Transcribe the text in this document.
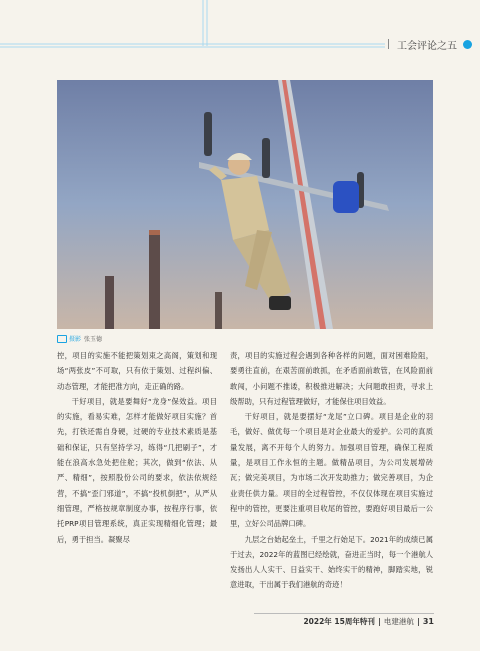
工会评论之五
摄影 张玉德

控，项目的实施不能把策划束之高阁，策划和现场“两张皮”不可取，只有依于策划、过程纠偏、动态管理，才能把准方向，走正确的路。

干好项目，就是要舞好“龙身”保效益。项目的实施，看易实难，怎样才能做好项目实施？首先，打铁还需自身硬，过硬的专业技术素质是基础和保证，只有坚持学习，练得“几把刷子”，才能在浪高水急处把住舵；其次，做到“依法、从严、精细”，按照股份公司的要求，依法依规经营，不搞“歪门邪道”，不搞“投机倒把”，从严从细管理，严格按规章制度办事，按程序行事，依托PRP项目管理系统，真正实现精细化管理；最后，勇于担当。凝聚尽

责，项目的实施过程会遇到各种各样的问题，面对困难险阻，要勇往直前，在艰苦面前敢抓，在矛盾面前敢管，在风险面前敢闯，小问题不推诿，积极推进解决；大问题敢担责，寻求上级帮助，只有过程管理做好，才能保住项目效益。

干好项目，就是要摆好“龙尾”立口碑。项目是企业的羽毛，做好、做优每一个项目是对企业最大的爱护。公司的真质量发展，离不开每个人的努力。加强项目管理，确保工程质量，是项目工作永恒的主题。做精品项目，为公司发展增砖瓦；做完美项目，为市场二次开发助推力；做完善项目，为企业责任供力量。项目的全过程管控，不仅仅体现在项目实施过程中的管控，更要注重项目收尾的管控，要跑好项目最后一公里，立好公司品牌口碑。

九层之台始起垒土，千里之行始足下。2021年的成绩已属于过去，2022年的蓝图已经绘就，奋进正当时，每一个港航人发扬出人人实干、日益实干、始终实干的精神，脚踏实地，锐意进取，干出属于我们港航的奇迹！

2022年 15周年特刊 电建港航 31
